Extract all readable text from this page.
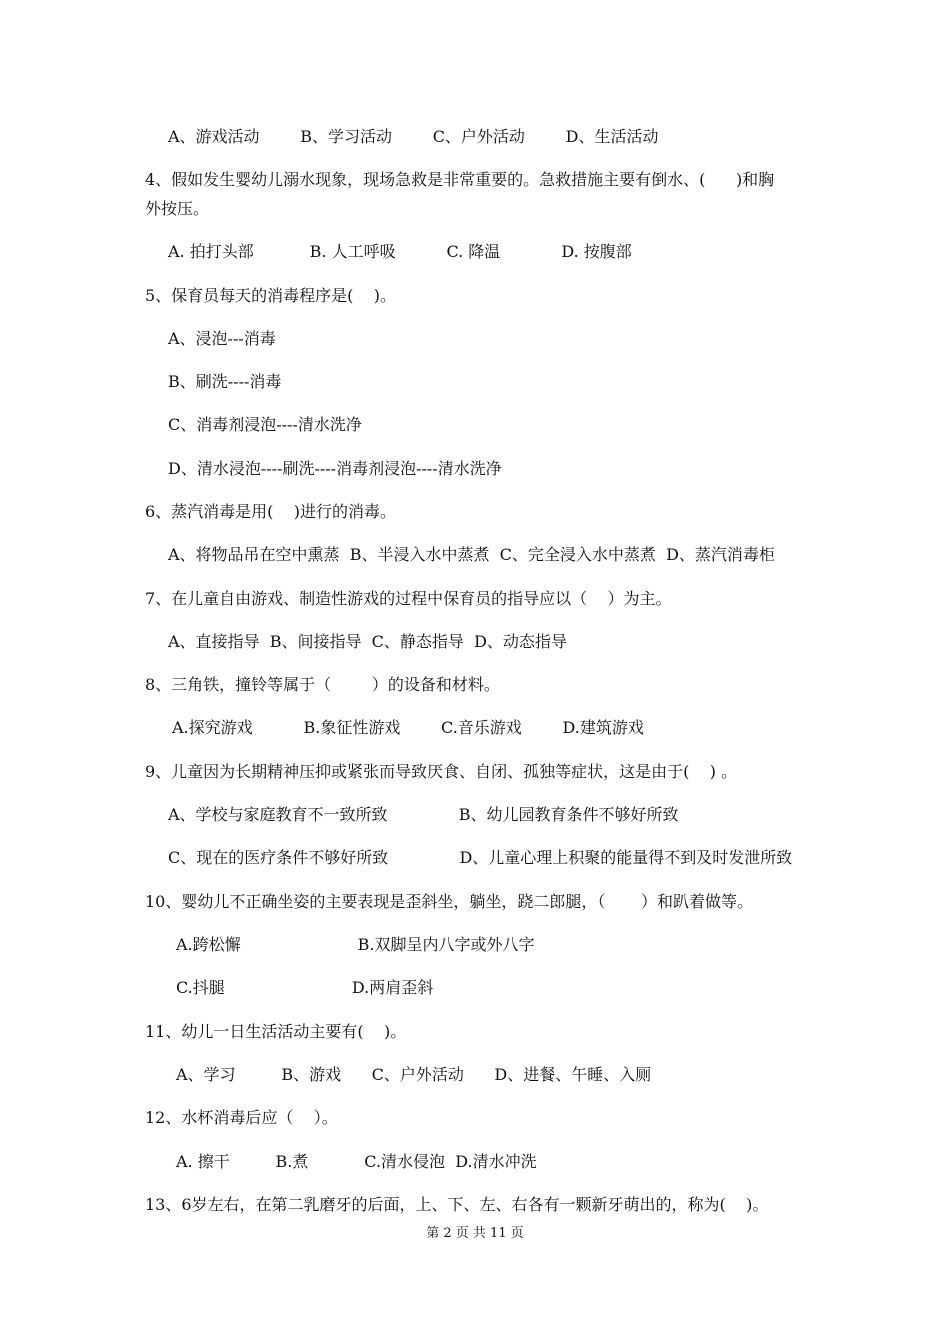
A、游戏活动        B、学习活动        C、户外活动        D、生活活动
4、假如发生婴幼儿溺水现象，现场急救是非常重要的。急救措施主要有倒水、(      )和胸
外按压。
A. 拍打头部           B. 人工呼吸          C. 降温            D. 按腹部
5、保育员每天的消毒程序是(    )。
A、浸泡---消毒
B、刷洗----消毒
C、消毒剂浸泡----清水洗净
D、清水浸泡----刷洗----消毒剂浸泡----清水洗净
6、蒸汽消毒是用(    )进行的消毒。
A、将物品吊在空中熏蒸  B、半浸入水中蒸煮  C、完全浸入水中蒸煮  D、蒸汽消毒柜
7、在儿童自由游戏、制造性游戏的过程中保育员的指导应以（    ）为主。
A、直接指导  B、间接指导  C、静态指导  D、动态指导
8、三角铁，撞铃等属于（        ）的设备和材料。
A.探究游戏          B.象征性游戏        C.音乐游戏        D.建筑游戏
9、儿童因为长期精神压抑或紧张而导致厌食、自闭、孤独等症状，这是由于(    ) 。
A、学校与家庭教育不一致所致              B、幼儿园教育条件不够好所致
C、现在的医疗条件不够好所致              D、儿童心理上积聚的能量得不到及时发泄所致
10、婴幼儿不正确坐姿的主要表现是歪斜坐，躺坐，跷二郎腿，（       ）和趴着做等。
A.跨松懈                       B.双脚呈内八字或外八字
C.抖腿                         D.两肩歪斜
11、幼儿一日生活活动主要有(    )。
A、学习         B、游戏      C、户外活动      D、进餐、午睡、入厕
12、水杯消毒后应（    ）。
A. 擦干         B.煮           C.清水侵泡  D.清水冲洗
13、6岁左右，在第二乳磨牙的后面，上、下、左、右各有一颗新牙萌出的，称为(    )。
第 2 页 共 11 页
